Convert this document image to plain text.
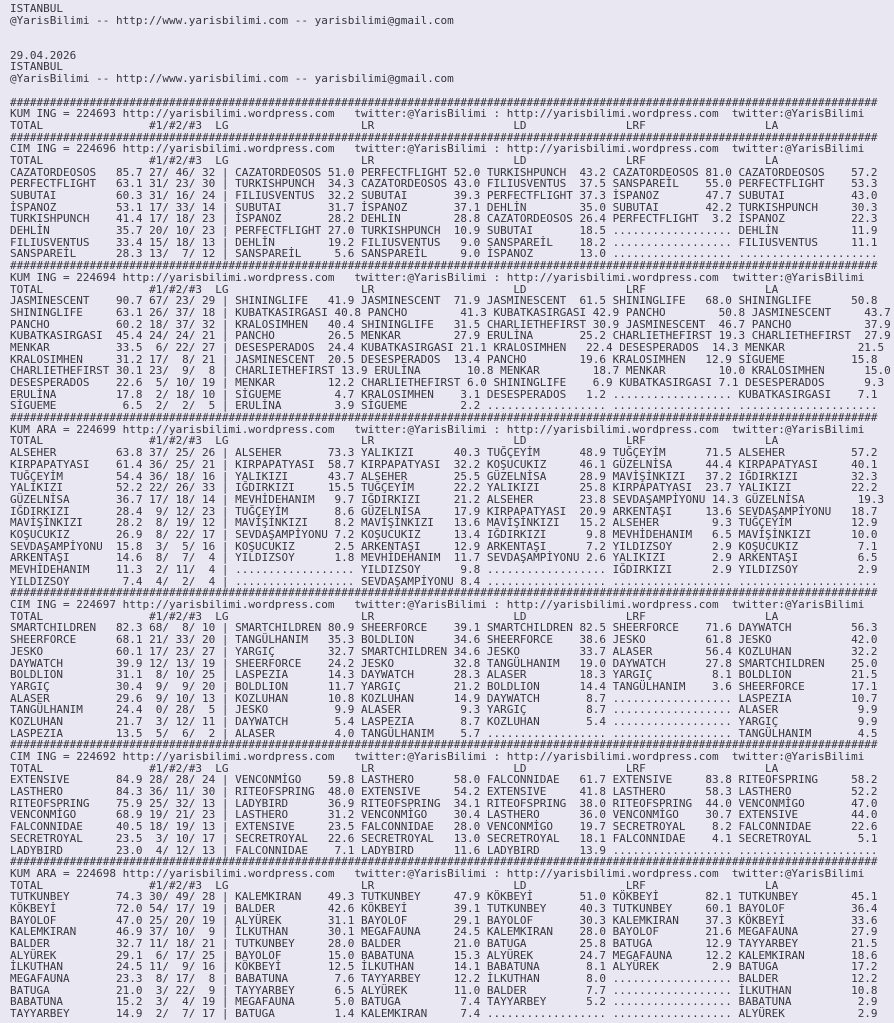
ISTANBUL
@YarisBilimi -- http://www.yarisbilimi.com -- yarisbilimi@gmail.com

29.04.2026
ISTANBUL
@YarisBilimi -- http://www.yarisbilimi.com -- yarisbilimi@gmail.com

###################################################################################################################################
KUM ING = 224693 http://yarisbilimi.wordpress.com   twitter:@YarisBilimi : http://yarisbilimi.wordpress.com  twitter:@YarisBilimi
TOTAL                #1/#2/#3  LG                    LR                     LD               LRF                  LA
###################################################################################################################################
CIM ING = 224696 http://yarisbilimi.wordpress.com   twitter:@YarisBilimi : http://yarisbilimi.wordpress.com  twitter:@YarisBilimi
TOTAL                #1/#2/#3  LG                    LR                     LD               LRF                  LA
CAZATORDEOSOS   85.7 27/ 46/ 32 | CAZATORDEOSOS 51.0 PERFECTFLIGHT 52.0 TURKISHPUNCH  43.2 CAZATORDEOSOS 81.0 CAZATORDEOSOS    57.2
PERFECTFLIGHT   63.1 31/ 23/ 30 | TURKISHPUNCH  34.3 CAZATORDEOSOS 43.0 FILIUSVENTUS  37.5 SANSPAREİL    55.0 PERFECTFLIGHT    53.3
SUBUTAI         60.3 31/ 16/ 24 | FILIUSVENTUS  32.2 SUBUTAI       39.3 PERFECTFLIGHT 37.3 İSPANOZ       47.7 SUBUTAI          43.0
İSPANOZ         53.1 17/ 33/ 14 | SUBUTAI       31.7 İSPANOZ       37.1 DEHLİN        35.0 SUBUTAI       42.2 TURKISHPUNCH     30.3
TURKISHPUNCH    41.4 17/ 18/ 23 | İSPANOZ       28.2 DEHLİN        28.8 CAZATORDEOSOS 26.4 PERFECTFLIGHT  3.2 İSPANOZ          22.3
DEHLİN          35.7 20/ 10/ 23 | PERFECTFLIGHT 27.0 TURKISHPUNCH  10.9 SUBUTAI       18.5 .................. DEHLİN           11.9
FILIUSVENTUS    33.4 15/ 18/ 13 | DEHLİN        19.2 FILIUSVENTUS   9.0 SANSPAREİL    18.2 .................. FILIUSVENTUS     11.1
SANSPAREİL      28.3 13/  7/ 12 | SANSPAREİL     5.6 SANSPAREİL     9.0 İSPANOZ       13.0 .................. .....................
###################################################################################################################################
KUM ING = 224694 http://yarisbilimi.wordpress.com   twitter:@YarisBilimi : http://yarisbilimi.wordpress.com  twitter:@YarisBilimi
TOTAL                #1/#2/#3  LG                    LR                     LD               LRF                  LA
JASMINESCENT    90.7 67/ 23/ 29 | SHININGLIFE   41.9 JASMINESCENT  71.9 JASMINESCENT  61.5 SHININGLIFE   68.0 SHININGLIFE      50.8
SHININGLIFE     63.1 26/ 37/ 18 | KUBATKASIRGASI 40.8 PANCHO        41.3 KUBATKASIRGASI 42.9 PANCHO        50.8 JASMINESCENT     43.7
PANCHO          60.2 18/ 37/ 32 | KRALOSIMHEN   40.4 SHININGLIFE   31.5 CHARLIETHEFIRST 30.9 JASMINESCENT  46.7 PANCHO           37.9
KUBATKASIRGASI  45.4 24/ 24/ 21 | PANCHO        26.5 MENKAR        27.9 ERULİNA       25.2 CHARLIETHEFIRST 19.3 CHARLIETHEFIRST  27.9
MENKAR          33.5  6/ 22/ 27 | DESESPERADOS  24.4 KUBATKASIRGASI 21.1 KRALOSIMHEN   22.4 DESESPERADOS  14.3 MENKAR           21.5
KRALOSIMHEN     31.2 17/  8/ 21 | JASMINESCENT  20.5 DESESPERADOS  13.4 PANCHO        19.6 KRALOSIMHEN   12.9 SİGUEME          15.8
CHARLIETHEFIRST 30.1 23/  9/  8 | CHARLIETHEFIRST 13.9 ERULİNA       10.8 MENKAR        18.7 MENKAR        10.0 KRALOSIMHEN      15.0
DESESPERADOS    22.6  5/ 10/ 19 | MENKAR        12.2 CHARLIETHEFIRST 6.0 SHININGLIFE    6.9 KUBATKASIRGASI 7.1 DESESPERADOS      9.3
ERULİNA         17.8  2/ 18/ 10 | SİGUEME        4.7 KRALOSIMHEN    3.1 DESESPERADOS   1.2 .................. KUBATKASIRGASI    7.1
SİGUEME          6.5  2/  2/  5 | ERULİNA        3.9 SİGUEME        2.2 .................. .................. .....................
###################################################################################################################################
KUM ARA = 224699 http://yarisbilimi.wordpress.com   twitter:@YarisBilimi : http://yarisbilimi.wordpress.com  twitter:@YarisBilimi
TOTAL                #1/#2/#3  LG                    LR                     LD               LRF                  LA
ALSEHER         63.8 37/ 25/ 26 | ALSEHER       73.3 YALIKIZI      40.3 TUĞÇEYİM      48.9 TUĞÇEYİM      71.5 ALSEHER          57.2
KIRPAPATYASI    61.4 36/ 25/ 21 | KIRPAPATYASI  58.7 KIRPAPATYASI  32.2 KOŞUCUKIZ     46.1 GÜZELNİSA     44.4 KIRPAPATYASI     40.1
TUĞÇEYİM        54.4 36/ 18/ 16 | YALIKIZI      43.7 ALSEHER       25.5 GÜZELNİSA     28.9 MAVİŞİNKIZI   37.2 IĞDIRKIZI        32.3
YALIKIZI        52.2 22/ 26/ 33 | IĞDIRKIZI     15.5 TUĞÇEYİM      22.2 YALIKIZI      25.8 KIRPAPATYASI  23.7 YALIKIZI         22.2
GÜZELNİSA       36.7 17/ 18/ 14 | MEVHİDEHANIM   9.7 IĞDIRKIZI     21.2 ALSEHER       23.8 SEVDAŞAMPİYONU 14.3 GÜZELNİSA        19.3
IĞDIRKIZI       28.4  9/ 12/ 23 | TUĞÇEYİM       8.6 GÜZELNİSA     17.9 KIRPAPATYASI  20.9 ARKENTAŞI     13.6 SEVDAŞAMPİYONU   18.7
MAVİŞİNKIZI     28.2  8/ 19/ 12 | MAVİŞİNKIZI    8.2 MAVİŞİNKIZI   13.6 MAVİŞİNKIZI   15.2 ALSEHER        9.3 TUĞÇEYİM         12.9
KOŞUCUKIZ       26.9  8/ 22/ 17 | SEVDAŞAMPİYONU 7.2 KOŞUCUKIZ     13.4 IĞDIRKIZI      9.8 MEVHİDEHANIM   6.5 MAVİŞİNKIZI      10.0
SEVDAŞAMPİYONU  15.8  3/  5/ 16 | KOŞUCUKIZ      2.5 ARKENTAŞI     12.9 ARKENTAŞI      7.2 YILDIZSOY      2.9 KOŞUCUKIZ         7.1
ARKENTAŞI       14.6  8/  7/  4 | YILDIZSOY      1.8 MEVHİDEHANIM  11.7 SEVDAŞAMPİYONU 2.6 YALIKIZI       2.9 ARKENTAŞI         6.5
MEVHİDEHANIM    11.3  2/ 11/  4 | .................. YILDIZSOY      9.8 .................. IĞDIRKIZI      2.9 YILDIZSOY         2.9
YILDIZSOY        7.4  4/  2/  4 | .................. SEVDAŞAMPİYONU 8.4 .................. .................. .....................
###################################################################################################################################
CIM ING = 224697 http://yarisbilimi.wordpress.com   twitter:@YarisBilimi : http://yarisbilimi.wordpress.com  twitter:@YarisBilimi
TOTAL                #1/#2/#3  LG                    LR                     LD               LRF                  LA
SMARTCHILDREN   82.3 68/  8/ 10 | SMARTCHILDREN 80.9 SHEERFORCE    39.1 SMARTCHILDREN 82.5 SHEERFORCE    71.6 DAYWATCH         56.3
SHEERFORCE      68.1 21/ 33/ 20 | TANGÜLHANIM   35.3 BOLDLION      34.6 SHEERFORCE    38.6 JESKO         61.8 JESKO            42.0
JESKO           60.1 17/ 23/ 27 | YARGIÇ        32.7 SMARTCHILDREN 34.6 JESKO         33.7 ALASER        56.4 KOZLUHAN         32.2
DAYWATCH        39.9 12/ 13/ 19 | SHEERFORCE    24.2 JESKO         32.8 TANGÜLHANIM   19.0 DAYWATCH      27.8 SMARTCHILDREN    25.0
BOLDLION        31.1  8/ 10/ 25 | LASPEZIA      14.3 DAYWATCH      28.3 ALASER        18.3 YARGIÇ         8.1 BOLDLION         21.5
YARGIÇ          30.4  9/  9/ 20 | BOLDLION      11.7 YARGIÇ        21.2 BOLDLION      14.4 TANGÜLHANIM    3.6 SHEERFORCE       17.1
ALASER          29.6  9/ 10/ 13 | KOZLUHAN      10.8 KOZLUHAN      14.9 DAYWATCH       8.7 .................. LASPEZIA         10.7
TANGÜLHANIM     24.4  0/ 28/  5 | JESKO          9.9 ALASER         9.3 YARGIÇ         8.7 .................. ALASER            9.9
KOZLUHAN        21.7  3/ 12/ 11 | DAYWATCH       5.4 LASPEZIA       8.7 KOZLUHAN       5.4 .................. YARGIÇ            9.9
LASPEZIA        13.5  5/  6/  2 | ALASER         4.0 TANGÜLHANIM    5.7 .................. .................. TANGÜLHANIM       4.5
###################################################################################################################################
CIM ING = 224692 http://yarisbilimi.wordpress.com   twitter:@YarisBilimi : http://yarisbilimi.wordpress.com  twitter:@YarisBilimi
TOTAL                #1/#2/#3  LG                    LR                     LD               LRF                  LA
EXTENSIVE       84.9 28/ 28/ 24 | VENCONMİGO    59.8 LASTHERO      58.0 FALCONNIDAE   61.7 EXTENSIVE     83.8 RITEOFSPRING     58.2
LASTHERO        84.3 36/ 11/ 30 | RITEOFSPRING  48.0 EXTENSIVE     54.2 EXTENSIVE     41.8 LASTHERO      58.3 LASTHERO         52.2
RITEOFSPRING    75.9 25/ 32/ 13 | LADYBIRD      36.9 RITEOFSPRING  34.1 RITEOFSPRING  38.0 RITEOFSPRING  44.0 VENCONMİGO       47.0
VENCONMİGO      68.9 19/ 21/ 23 | LASTHERO      31.2 VENCONMİGO    30.4 LASTHERO      36.0 VENCONMİGO    30.7 EXTENSIVE        44.0
FALCONNIDAE     40.5 18/ 19/ 13 | EXTENSIVE     23.5 FALCONNIDAE   28.0 VENCONMİGO    19.7 SECRETROYAL    8.2 FALCONNIDAE      22.6
SECRETROYAL     23.5  3/ 10/ 17 | SECRETROYAL   22.6 SECRETROYAL   13.0 SECRETROYAL   18.1 FALCONNIDAE    4.1 SECRETROYAL       5.1
LADYBIRD        23.0  4/ 12/ 13 | FALCONNIDAE    7.1 LADYBIRD      11.6 LADYBIRD      13.9 .................. .....................
###################################################################################################################################
KUM ARA = 224698 http://yarisbilimi.wordpress.com   twitter:@YarisBilimi : http://yarisbilimi.wordpress.com  twitter:@YarisBilimi
TOTAL                #1/#2/#3  LG                    LR                     LD               LRF                  LA
TUTKUNBEY       74.3 30/ 49/ 28 | KALEMKIRAN    49.3 TUTKUNBEY     47.9 KÖKBEYİ       51.0 KÖKBEYİ       82.1 TUTKUNBEY        45.1
KÖKBEYİ         72.0 54/ 17/ 19 | BALDER        42.6 KÖKBEYİ       39.1 TUTKUNBEY     40.3 TUTKUNBEY     60.1 BAYOLOF          36.4
BAYOLOF         47.0 25/ 20/ 19 | ALYÜREK       31.1 BAYOLOF       29.1 BAYOLOF       30.3 KALEMKIRAN    37.3 KÖKBEYİ          33.6
KALEMKIRAN      46.9 37/ 10/  9 | İLKUTHAN      30.1 MEGAFAUNA     24.5 KALEMKIRAN    28.0 BAYOLOF       21.6 MEGAFAUNA        27.9
BALDER          32.7 11/ 18/ 21 | TUTKUNBEY     28.0 BALDER        21.0 BATUGA        25.8 BATUGA        12.9 TAYYARBEY        21.5
ALYÜREK         29.1  6/ 17/ 25 | BAYOLOF       15.0 BABATUNA      15.3 ALYÜREK       24.7 MEGAFAUNA     12.2 KALEMKIRAN       18.6
İLKUTHAN        24.5 11/  9/ 16 | KÖKBEYİ       12.5 İLKUTHAN      14.1 BABATUNA       8.1 ALYÜREK        2.9 BATUGA           17.2
MEGAFAUNA       23.3  8/ 17/  8 | BABATUNA       7.6 TAYYARBEY     12.2 İLKUTHAN       8.0 .................. BALDER           12.2
BATUGA          21.0  3/ 22/  9 | TAYYARBEY      6.5 ALYÜREK       11.0 BALDER         7.7 .................. İLKUTHAN         10.8
BABATUNA        15.2  3/  4/ 19 | MEGAFAUNA      5.0 BATUGA         7.4 TAYYARBEY      5.2 .................. BABATUNA          2.9
TAYYARBEY       14.9  2/  7/ 17 | BATUGA         1.4 KALEMKIRAN     7.4 .................. .................. ALYÜREK           2.9
